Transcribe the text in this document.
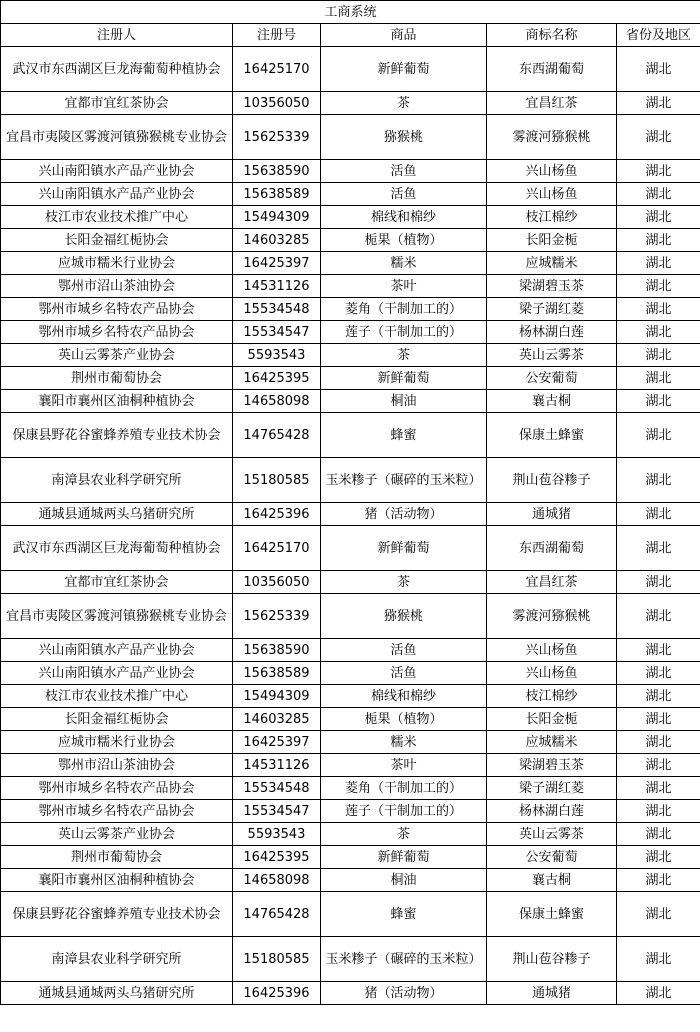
工商系统				
注册人	注册号	商品	商标名称	省份及地区
武汉市东西湖区巨龙海葡萄种植协会	16425170	新鲜葡萄	东西湖葡萄	湖北
宜都市宜红茶协会	10356050	茶	宜昌红茶	湖北
宜昌市夷陵区雾渡河镇猕猴桃专业协会	15625339	猕猴桃	雾渡河猕猴桃	湖北
兴山南阳镇水产品产业协会	15638590	活鱼	兴山杨鱼	湖北
兴山南阳镇水产品产业协会	15638589	活鱼	兴山杨鱼	湖北
枝江市农业技术推广中心	15494309	棉线和棉纱	枝江棉纱	湖北
长阳金福红栀协会	14603285	栀果（植物）	长阳金栀	湖北
应城市糯米行业协会	16425397	糯米	应城糯米	湖北
鄂州市沼山茶油协会	14531126	茶叶	梁湖碧玉茶	湖北
鄂州市城乡名特农产品协会	15534548	菱角（干制加工的）	梁子湖红菱	湖北
鄂州市城乡名特农产品协会	15534547	莲子（干制加工的）	杨林湖白莲	湖北
英山云雾茶产业协会	5593543	茶	英山云雾茶	湖北
荆州市葡萄协会	16425395	新鲜葡萄	公安葡萄	湖北
襄阳市襄州区油桐种植协会	14658098	桐油	襄古桐	湖北
保康县野花谷蜜蜂养殖专业技术协会	14765428	蜂蜜	保康土蜂蜜	湖北
南漳县农业科学研究所	15180585	玉米糁子（碾碎的玉米粒）	荆山苞谷糁子	湖北
通城县通城两头乌猪研究所	16425396	猪（活动物）	通城猪	湖北
武汉市东西湖区巨龙海葡萄种植协会	16425170	新鲜葡萄	东西湖葡萄	湖北
宜都市宜红茶协会	10356050	茶	宜昌红茶	湖北
宜昌市夷陵区雾渡河镇猕猴桃专业协会	15625339	猕猴桃	雾渡河猕猴桃	湖北
兴山南阳镇水产品产业协会	15638590	活鱼	兴山杨鱼	湖北
兴山南阳镇水产品产业协会	15638589	活鱼	兴山杨鱼	湖北
枝江市农业技术推广中心	15494309	棉线和棉纱	枝江棉纱	湖北
长阳金福红栀协会	14603285	栀果（植物）	长阳金栀	湖北
应城市糯米行业协会	16425397	糯米	应城糯米	湖北
鄂州市沼山茶油协会	14531126	茶叶	梁湖碧玉茶	湖北
鄂州市城乡名特农产品协会	15534548	菱角（干制加工的）	梁子湖红菱	湖北
鄂州市城乡名特农产品协会	15534547	莲子（干制加工的）	杨林湖白莲	湖北
英山云雾茶产业协会	5593543	茶	英山云雾茶	湖北
荆州市葡萄协会	16425395	新鲜葡萄	公安葡萄	湖北
襄阳市襄州区油桐种植协会	14658098	桐油	襄古桐	湖北
保康县野花谷蜜蜂养殖专业技术协会	14765428	蜂蜜	保康土蜂蜜	湖北
南漳县农业科学研究所	15180585	玉米糁子（碾碎的玉米粒）	荆山苞谷糁子	湖北
通城县通城两头乌猪研究所	16425396	猪（活动物）	通城猪	湖北
